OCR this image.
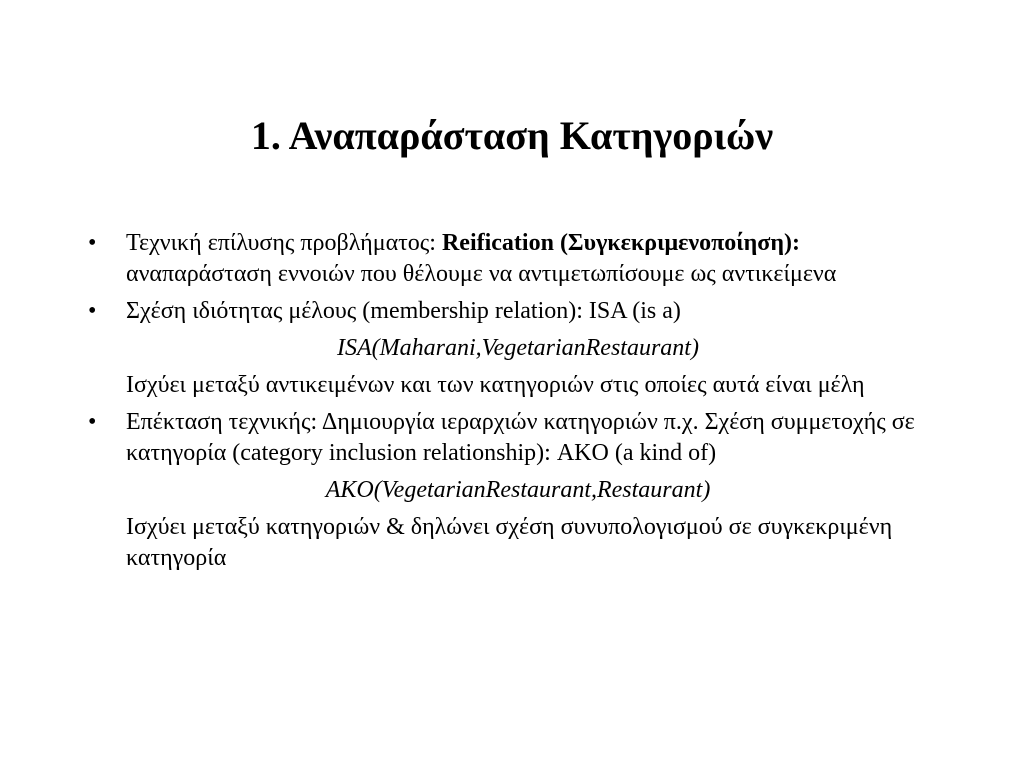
1. Αναπαράσταση Κατηγοριών
•	Τεχνική επίλυσης προβλήματος: Reification (Συγκεκριμενοποίηση): αναπαράσταση εννοιών που θέλουμε να αντιμετωπίσουμε ως αντικείμενα
•	Σχέση ιδιότητας μέλους (membership relation): ISA (is a)
ISA(Maharani,VegetarianRestaurant)
Ισχύει μεταξύ αντικειμένων και των κατηγοριών στις οποίες αυτά είναι μέλη
•	Επέκταση τεχνικής: Δημιουργία ιεραρχιών κατηγοριών π.χ. Σχέση συμμετοχής σε κατηγορία (category inclusion relationship): AKO (a kind of)
AKO(VegetarianRestaurant,Restaurant)
Ισχύει μεταξύ κατηγοριών & δηλώνει σχέση συνυπολογισμού σε συγκεκριμένη κατηγορία
